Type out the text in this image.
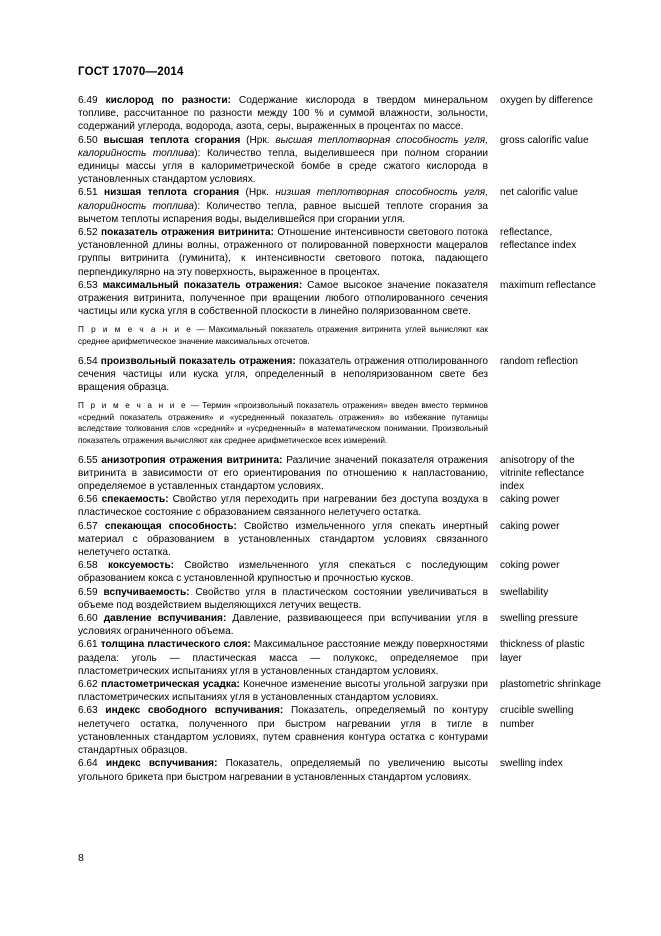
ГОСТ 17070—2014
6.49 кислород по разности: Содержание кислорода в твердом минеральном топливе, рассчитанное по разности между 100 % и суммой влажности, зольности, содержаний углерода, водорода, азота, серы, выраженных в процентах по массе.
oxygen by difference
6.50 высшая теплота сгорания (Нрк. высшая теплотворная способность угля, калорийность топлива): Количество тепла, выделившееся при полном сгорании единицы массы угля в калориметрической бомбе в среде сжатого кислорода в установленных стандартом условиях.
gross calorific value
6.51 низшая теплота сгорания (Нрк. низшая теплотворная способность угля, калорийность топлива): Количество тепла, равное высшей теплоте сгорания за вычетом теплоты испарения воды, выделившейся при сгорании угля.
net calorific value
6.52 показатель отражения витринита: Отношение интенсивности светового потока установленной длины волны, отраженного от полированной поверхности мацералов группы витринита (гуминита), к интенсивности светового потока, падающего перпендикулярно на эту поверхность, выраженное в процентах.
reflectance,
reflectance index
6.53 максимальный показатель отражения: Самое высокое значение показателя отражения витринита, полученное при вращении любого отполированного сечения частицы или куска угля в собственной плоскости в линейно поляризованном свете.
maximum reflectance
П р и м е ч а н и е — Максимальный показатель отражения витринита углей вычисляют как среднее арифметическое значение максимальных отсчетов.
6.54 произвольный показатель отражения: показатель отражения отполированного сечения частицы или куска угля, определенный в неполяризованном свете без вращения образца.
random reflection
П р и м е ч а н и е — Термин «произвольный показатель отражения» введен вместо терминов «средний показатель отражения» и «усредненный показатель отражения» во избежание путаницы вследствие толкования слов «средний» и «усредненный» в математическом понимании. Произвольный показатель отражения вычисляют как среднее арифметическое всех измерений.
6.55 анизотропия отражения витринита: Различие значений показателя отражения витринита в зависимости от его ориентирования по отношению к напластованию, определяемое в уставленных стандартом условиях.
anisotropy of the
vitrinite reflectance
index
6.56 спекаемость: Свойство угля переходить при нагревании без доступа воздуха в пластическое состояние с образованием связанного нелетучего остатка.
caking power
6.57 спекающая способность: Свойство измельченного угля спекать инертный материал с образованием в установленных стандартом условиях связанного нелетучего остатка.
caking power
6.58 коксуемость: Свойство измельченного угля спекаться с последующим образованием кокса с установленной крупностью и прочностью кусков.
coking power
6.59 вспучиваемость: Свойство угля в пластическом состоянии увеличиваться в объеме под воздействием выделяющихся летучих веществ.
swellability
6.60 давление вспучивания: Давление, развивающееся при вспучивании угля в условиях ограниченного объема.
swelling pressure
6.61 толщина пластического слоя: Максимальное расстояние между поверхностями раздела: уголь — пластическая масса — полукокс, определяемое при пластометрических испытаниях угля в установленных стандартом условиях.
thickness of plastic
layer
6.62 пластометрическая усадка: Конечное изменение высоты угольной загрузки при пластометрических испытаниях угля в установленных стандартом условиях.
plastometric shrinkage
6.63 индекс свободного вспучивания: Показатель, определяемый по контуру нелетучего остатка, полученного при быстром нагревании угля в тигле в установленных стандартом условиях, путем сравнения контура остатка с контурами стандартных образцов.
crucible swelling
number
6.64 индекс вспучивания: Показатель, определяемый по увеличению высоты угольного брикета при быстром нагревании в установленных стандартом условиях.
swelling index
8
